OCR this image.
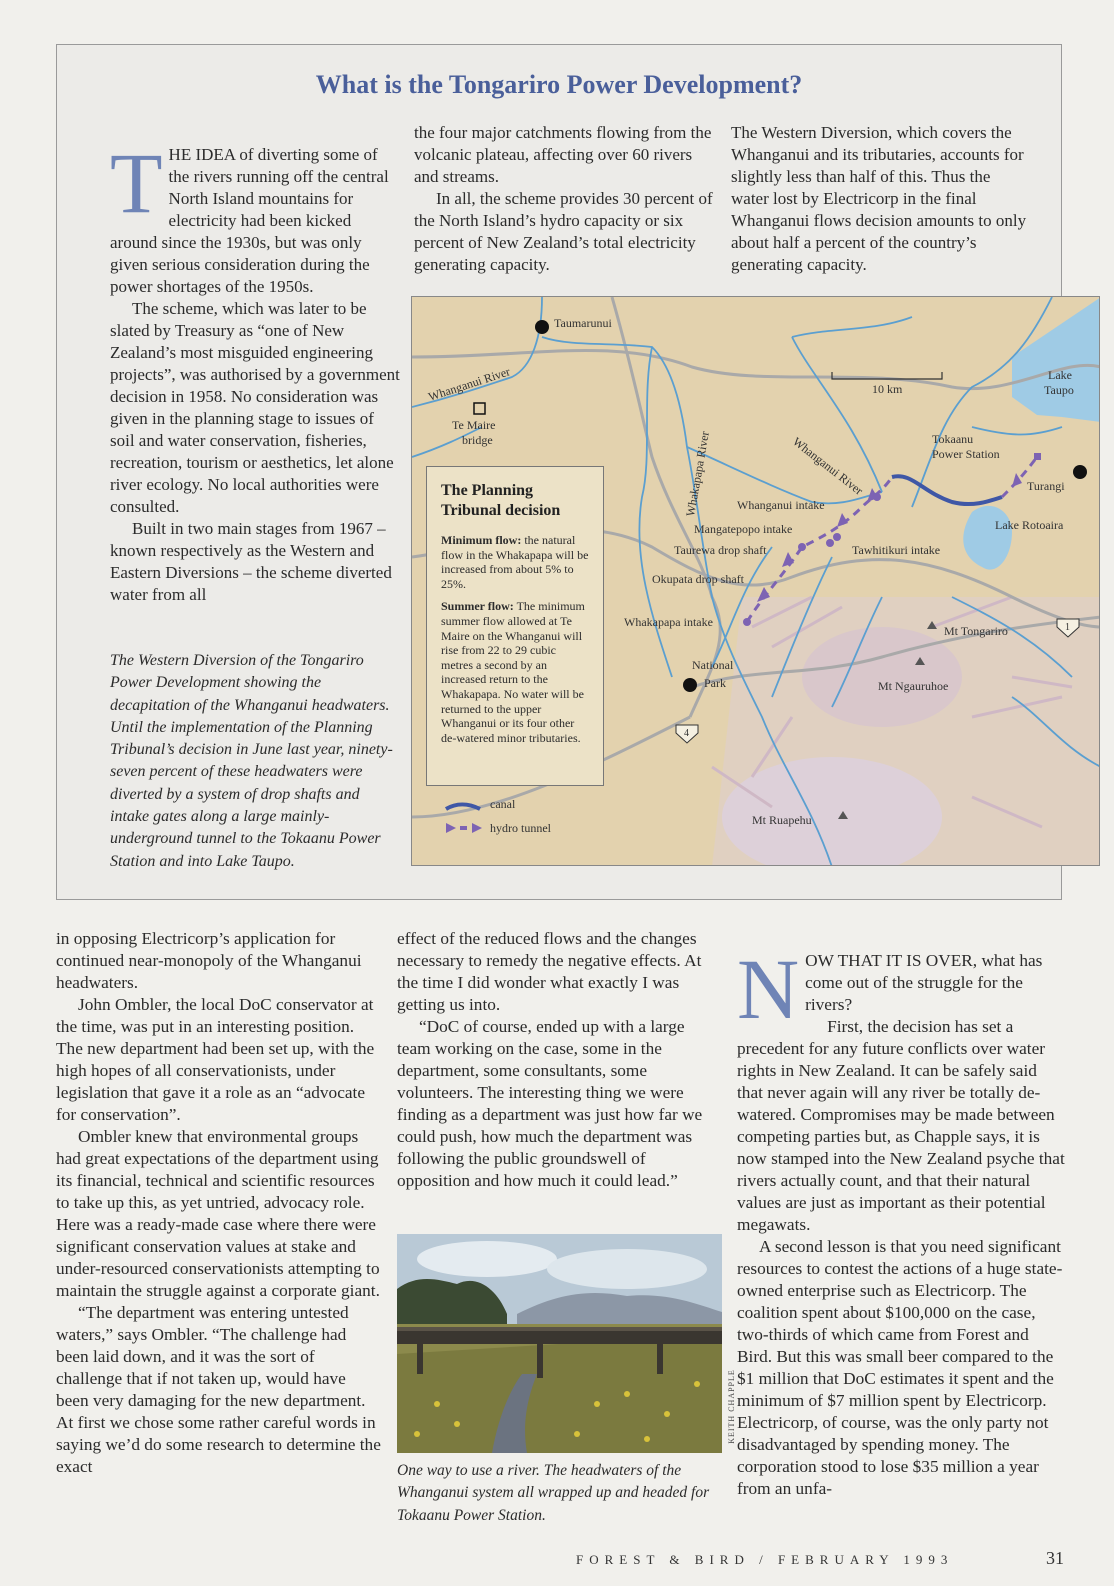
What is the Tongariro Power Development?

THE IDEA of diverting some of the rivers running off the central North Island mountains for electricity had been kicked
around since the 1930s, but was only given serious consideration during the power shortages of the 1950s.

The scheme, which was later to be slated by Treasury as “one of New Zealand’s most misguided engineering projects”, was authorised by a government decision in 1958. No consideration was given in the planning stage to issues of soil and water conservation, fisheries, recreation, tourism or aesthetics, let alone river ecology. No local authorities were consulted.

Built in two main stages from 1967 – known respectively as the Western and Eastern Diversions – the scheme diverted water from all

the four major catchments flowing from the volcanic plateau, affecting over 60 rivers and streams.

In all, the scheme provides 30 percent of the North Island’s hydro capacity or six percent of New Zealand’s total electricity generating capacity.

The Western Diversion, which covers the Whanganui and its tributaries, accounts for slightly less than half of this. Thus the water lost by Electricorp in the final Whanganui flows decision amounts to only about half a percent of the country’s generating capacity.

The Western Diversion of the Tongariro Power Development showing the decapitation of the Whanganui headwaters. Until the implementation of the Planning Tribunal’s decision in June last year, ninety-seven percent of these headwaters were diverted by a system of drop shafts and intake gates along a large mainly-underground tunnel to the Tokaanu Power Station and into Lake Taupo.
Taumarunui
Whanganui River
Te Maire
bridge
10 km
Lake
Taupo
Tokaanu
Power Station
Turangi
Lake Rotoaira
Whakapapa River	Whanganui River
Whanganui intake
Mangatepopo intake
Taurewa drop shaft	Tawhitikuri intake
Okupata drop shaft
Whakapapa intake
Mt Tongariro
National
Park	Mt Ngauruhoe
Mt Ruapehu
1
4
canal
hydro tunnel
The Planning Tribunal decision
Minimum flow: the natural flow in the Whakapapa will be increased from about 5% to 25%.
Summer flow: The minimum summer flow allowed at Te Maire on the Whanganui will rise from 22 to 29 cubic metres a second by an increased return to the Whakapapa. No water will be returned to the upper Whanganui or its four other de-watered minor tributaries.

in opposing Electricorp’s application for continued near-monopoly of the Whanganui headwaters.

John Ombler, the local DoC conservator at the time, was put in an interesting position. The new department had been set up, with the high hopes of all conservationists, under legislation that gave it a role as an “advocate for conservation”.

Ombler knew that environmental groups had great expectations of the department using its financial, technical and scientific resources to take up this, as yet untried, advocacy role. Here was a ready-made case where there were significant conservation values at stake and under-resourced conservationists attempting to maintain the struggle against a corporate giant.

“The department was entering untested waters,” says Ombler. “The challenge had been laid down, and it was the sort of challenge that if not taken up, would have been very damaging for the new department. At first we chose some rather careful words in saying we’d do some research to determine the exact

effect of the reduced flows and the changes necessary to remedy the negative effects. At the time I did wonder what exactly I was getting us into.

“DoC of course, ended up with a large team working on the case, some in the department, some consultants, some volunteers. The interesting thing we were finding as a department was just how far we could push, how much the department was following the public groundswell of opposition and how much it could lead.”

KEITH CHAPPLE
One way to use a river. The headwaters of the Whanganui system all wrapped up and headed for Tokaanu Power Station.

NOW THAT IT IS OVER, what has come out of the struggle for the rivers?

First, the decision has set a precedent for any future conflicts over water rights in New Zealand. It can be safely said that never again will any river be totally de-watered. Compromises may be made between competing parties but, as Chapple says, it is now stamped into the New Zealand psyche that rivers actually count, and that their natural values are just as important as their potential megawats.

A second lesson is that you need significant resources to contest the actions of a huge state-owned enterprise such as Electricorp. The coalition spent about $100,000 on the case, two-thirds of which came from Forest and Bird. But this was small beer compared to the $1 million that DoC estimates it spent and the minimum of $7 million spent by Electricorp. Electricorp, of course, was the only party not disadvantaged by spending money. The corporation stood to lose $35 million a year from an unfa-

FOREST & BIRD / FEBRUARY 1993	31
